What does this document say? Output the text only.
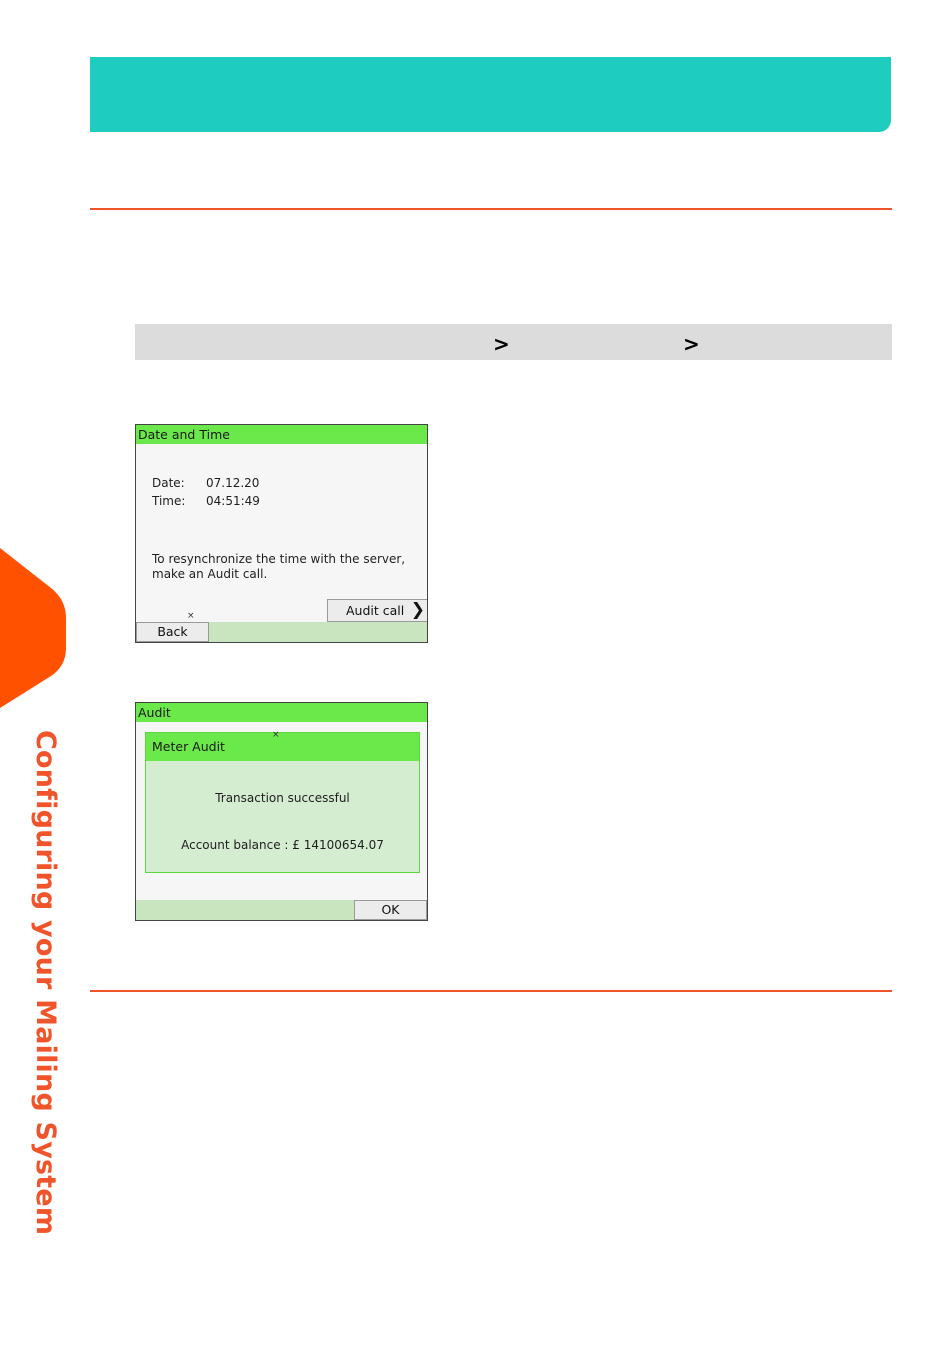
>	>
Date and Time
Date: 07.12.20
Time: 04:51:49
To resynchronize the time with the server,
make an Audit call.
Audit call ❯
×
Back
Configuring your Mailing System
Audit
Meter Audit
Transaction successful
Account balance : £ 14100654.07
×
OK
